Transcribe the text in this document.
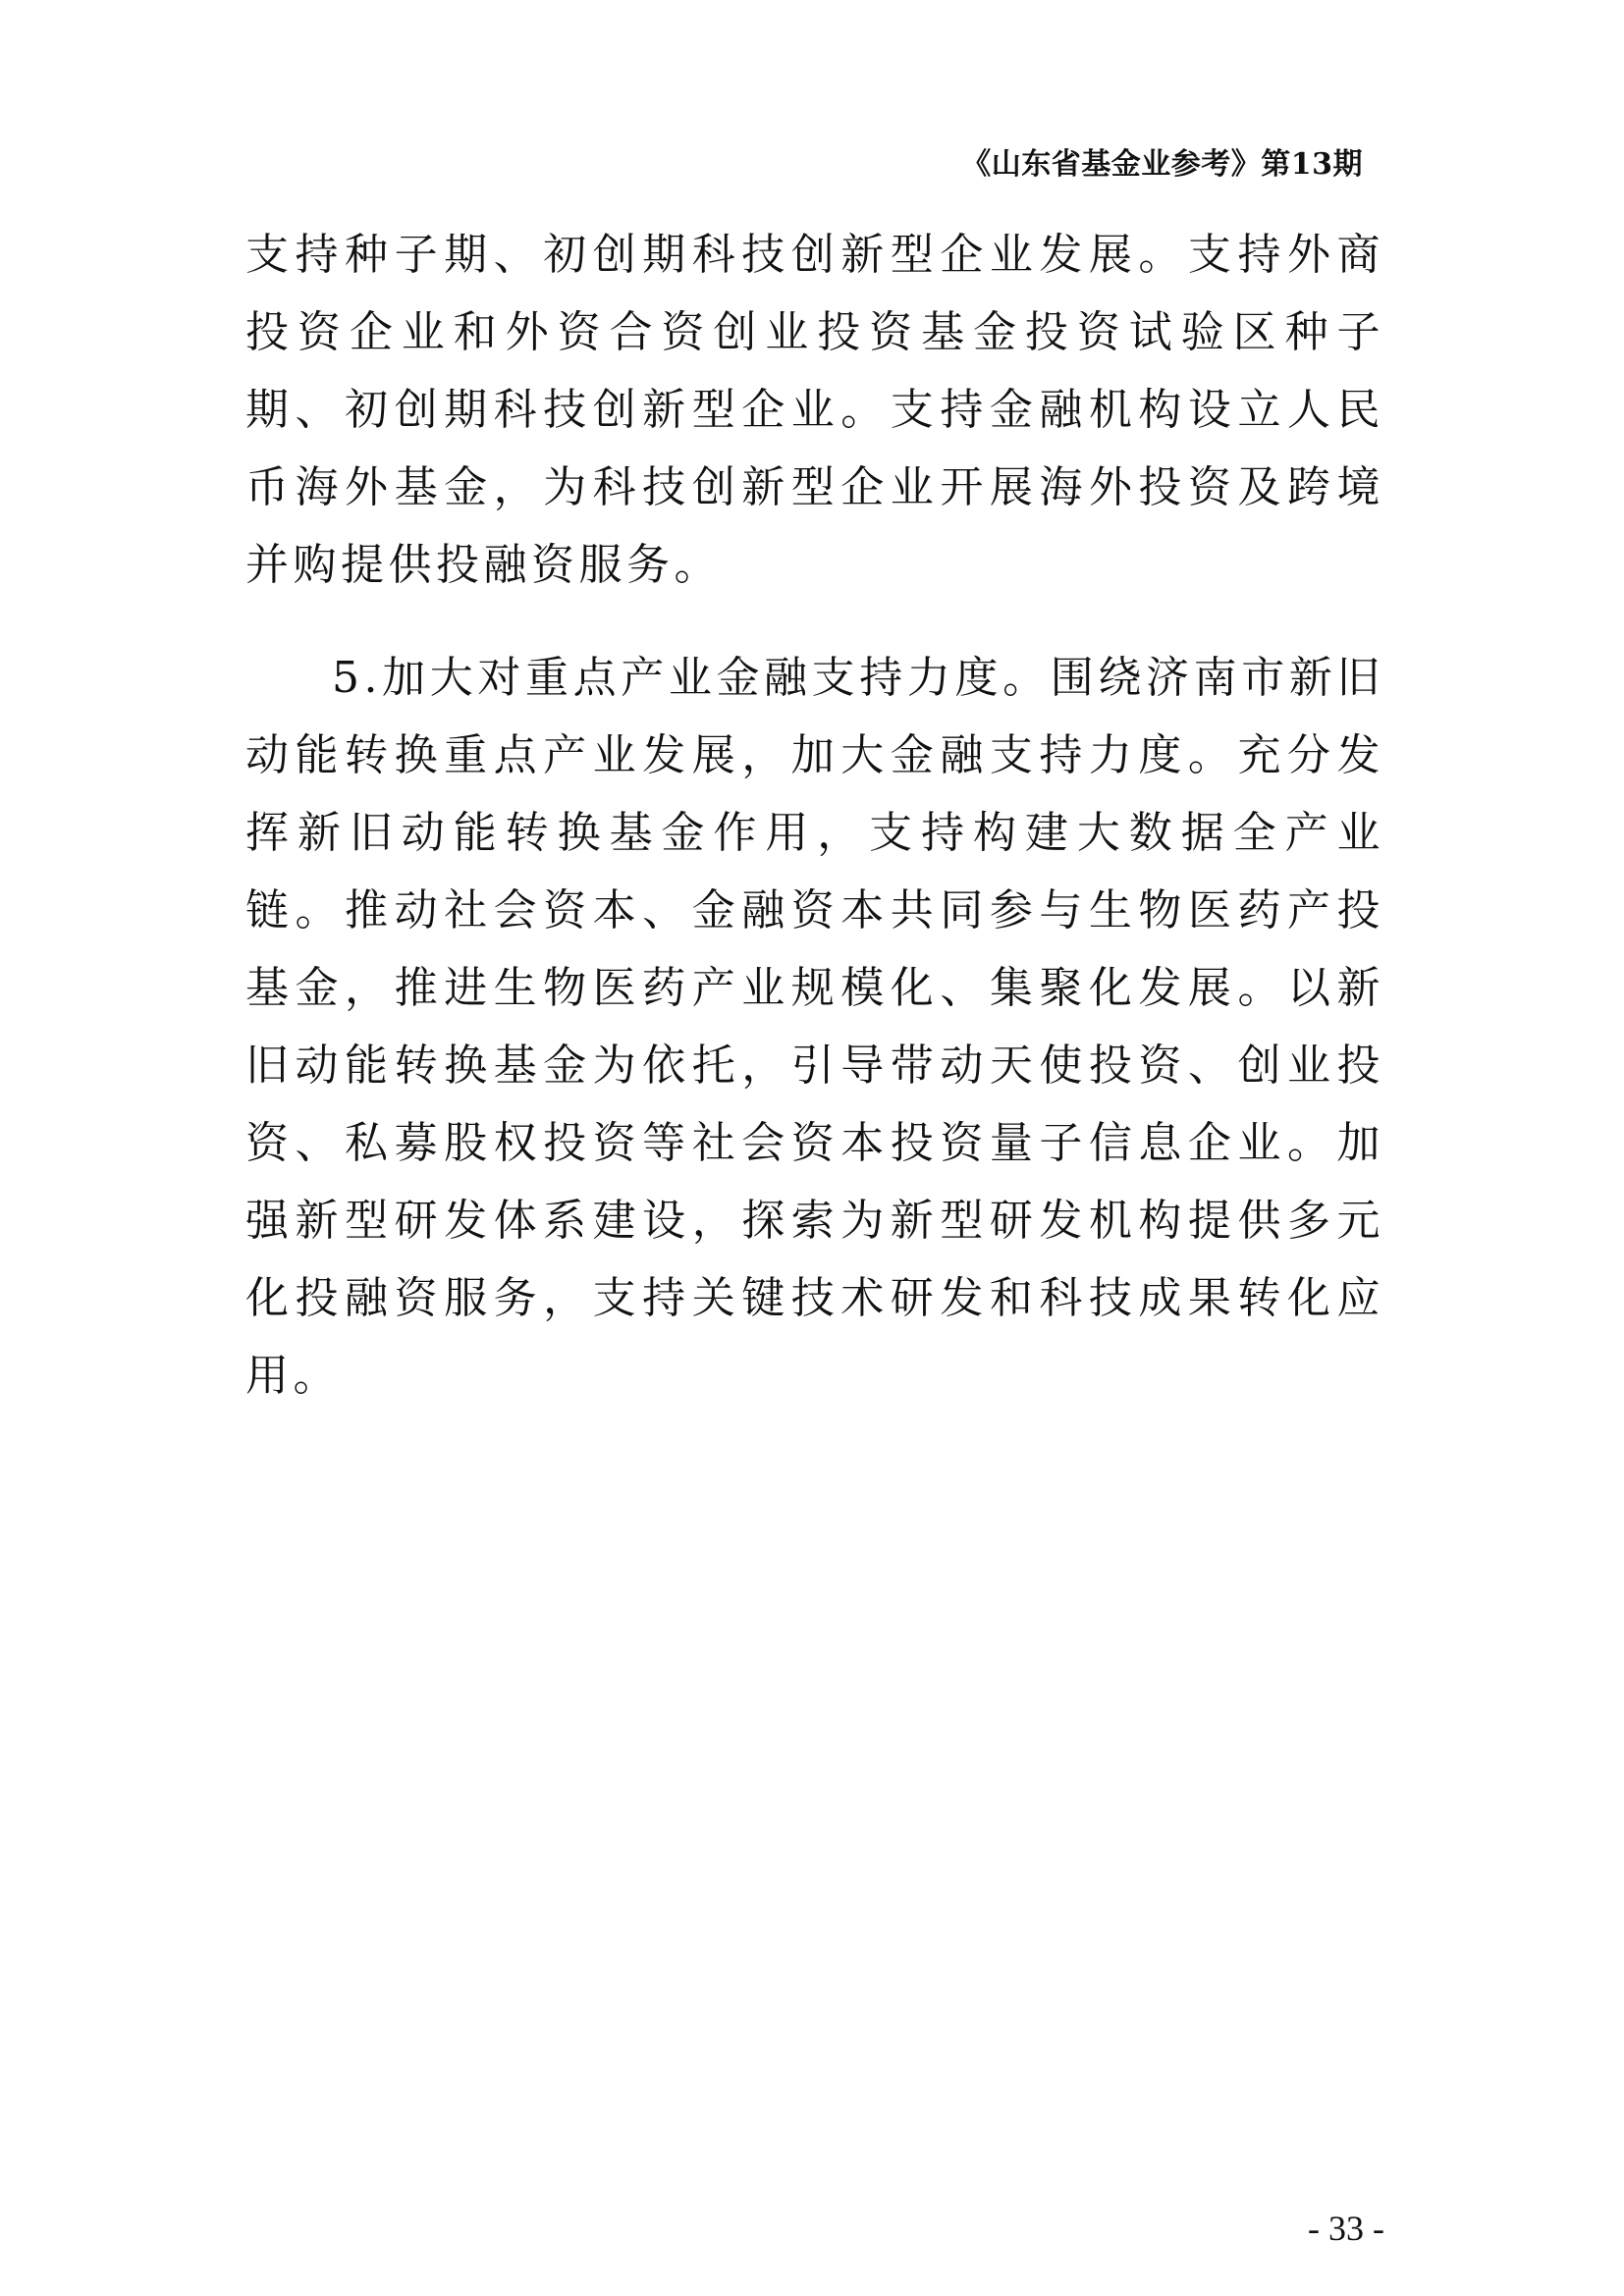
《山东省基金业参考》第13期

支持种子期、初创期科技创新型企业发展。支持外商投资企业和外资合资创业投资基金投资试验区种子期、初创期科技创新型企业。支持金融机构设立人民币海外基金，为科技创新型企业开展海外投资及跨境并购提供投融资服务。

5.加大对重点产业金融支持力度。围绕济南市新旧动能转换重点产业发展，加大金融支持力度。充分发挥新旧动能转换基金作用，支持构建大数据全产业链。推动社会资本、金融资本共同参与生物医药产投基金，推进生物医药产业规模化、集聚化发展。以新旧动能转换基金为依托，引导带动天使投资、创业投资、私募股权投资等社会资本投资量子信息企业。加强新型研发体系建设，探索为新型研发机构提供多元化投融资服务，支持关键技术研发和科技成果转化应用。

- 33 -
